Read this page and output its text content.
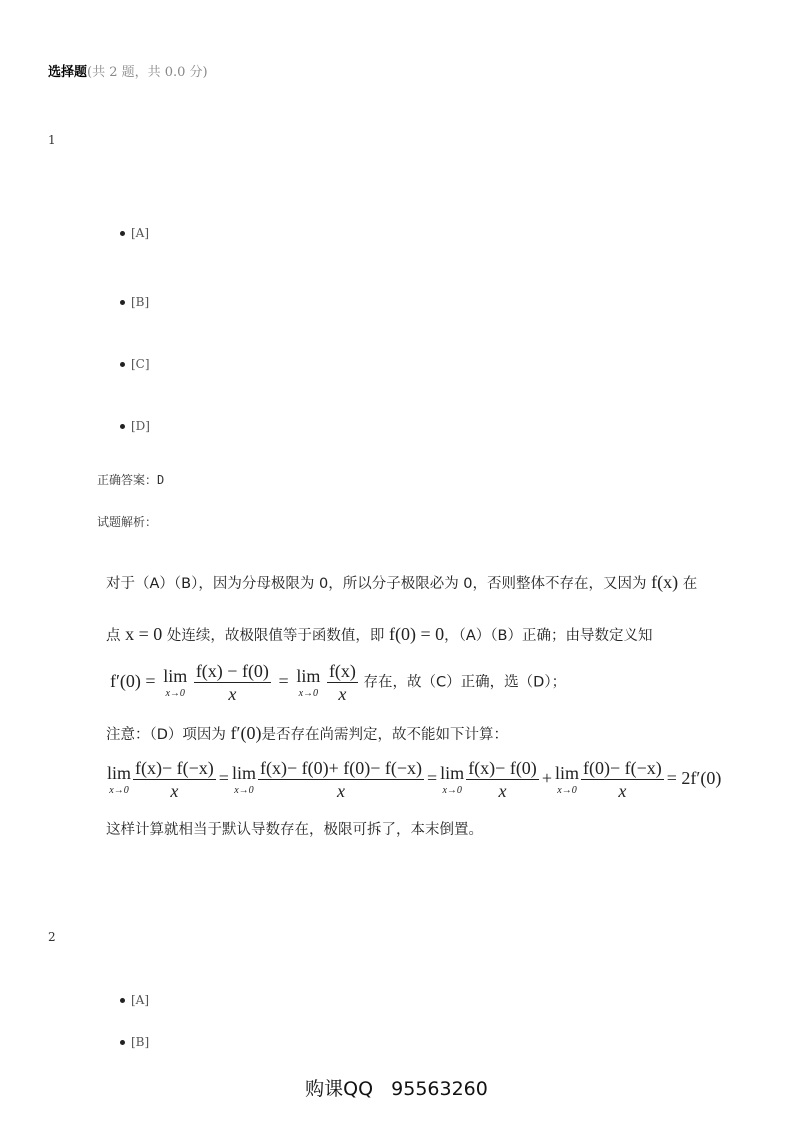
选择题(共 2 题，共 0.0 分)
1
[A]
[B]
[C]
[D]
正确答案：D
试题解析：
对于（A）（B），因为分母极限为 0，所以分子极限必为 0，否则整体不存在，又因为 f(x) 在
点 x = 0 处连续，故极限值等于函数值，即 f(0) = 0，（A）（B）正确；由导数定义知
f′(0) = lim
x→0
$\frac{f(x) - f(0)}{x} = \lim$
x→0
$\frac{f(x)}{x}$ 存在，故（C）正确，选（D）；
注意：（D）项因为 f′(0)是否存在尚需判定，故不能如下计算：
lim
$x\to 0 \frac{f(x)- f(-x)}{x} = \lim$
$x\to 0 \frac{f(x)- f(0)+ f(0)- f(-x)}{x} = \lim$
$x\to 0 \frac{f(x)- f(0)}{x} + \lim$
$x\to 0 \frac{f(0)- f(-x)}{x} = 2f'(0)$
这样计算就相当于默认导数存在，极限可拆了，本末倒置。
2
[A]
[B]
购课QQ 95563260
